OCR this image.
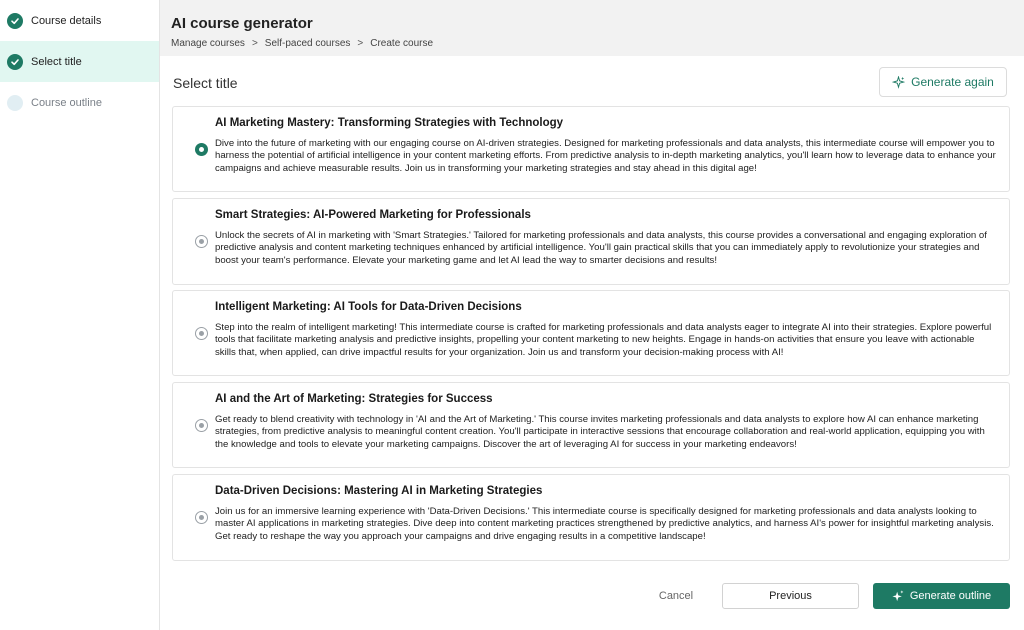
Course details
Select title
Course outline
AI course generator
Manage courses > Self-paced courses > Create course
Select title	Generate again
AI Marketing Mastery: Transforming Strategies with Technology
Dive into the future of marketing with our engaging course on AI-driven strategies. Designed for marketing professionals and data analysts, this intermediate course will empower you to harness the potential of artificial intelligence in your content marketing efforts. From predictive analysis to in-depth marketing analytics, you'll learn how to leverage data to enhance your campaigns and achieve measurable results. Join us in transforming your marketing strategies and stay ahead in this digital age!
Smart Strategies: AI-Powered Marketing for Professionals
Unlock the secrets of AI in marketing with 'Smart Strategies.' Tailored for marketing professionals and data analysts, this course provides a conversational and engaging exploration of predictive analysis and content marketing techniques enhanced by artificial intelligence. You'll gain practical skills that you can immediately apply to revolutionize your strategies and boost your team's performance. Elevate your marketing game and let AI lead the way to smarter decisions and results!
Intelligent Marketing: AI Tools for Data-Driven Decisions
Step into the realm of intelligent marketing! This intermediate course is crafted for marketing professionals and data analysts eager to integrate AI into their strategies. Explore powerful tools that facilitate marketing analysis and predictive insights, propelling your content marketing to new heights. Engage in hands-on activities that ensure you leave with actionable skills that, when applied, can drive impactful results for your organization. Join us and transform your decision-making process with AI!
AI and the Art of Marketing: Strategies for Success
Get ready to blend creativity with technology in 'AI and the Art of Marketing.' This course invites marketing professionals and data analysts to explore how AI can enhance marketing strategies, from predictive analysis to meaningful content creation. You'll participate in interactive sessions that encourage collaboration and real-world application, equipping you with the knowledge and tools to elevate your marketing campaigns. Discover the art of leveraging AI for success in your marketing endeavors!
Data-Driven Decisions: Mastering AI in Marketing Strategies
Join us for an immersive learning experience with 'Data-Driven Decisions.' This intermediate course is specifically designed for marketing professionals and data analysts looking to master AI applications in marketing strategies. Dive deep into content marketing practices strengthened by predictive analytics, and harness AI's power for insightful marketing analysis. Get ready to reshape the way you approach your campaigns and drive engaging results in a competitive landscape!
Cancel	Previous	Generate outline
